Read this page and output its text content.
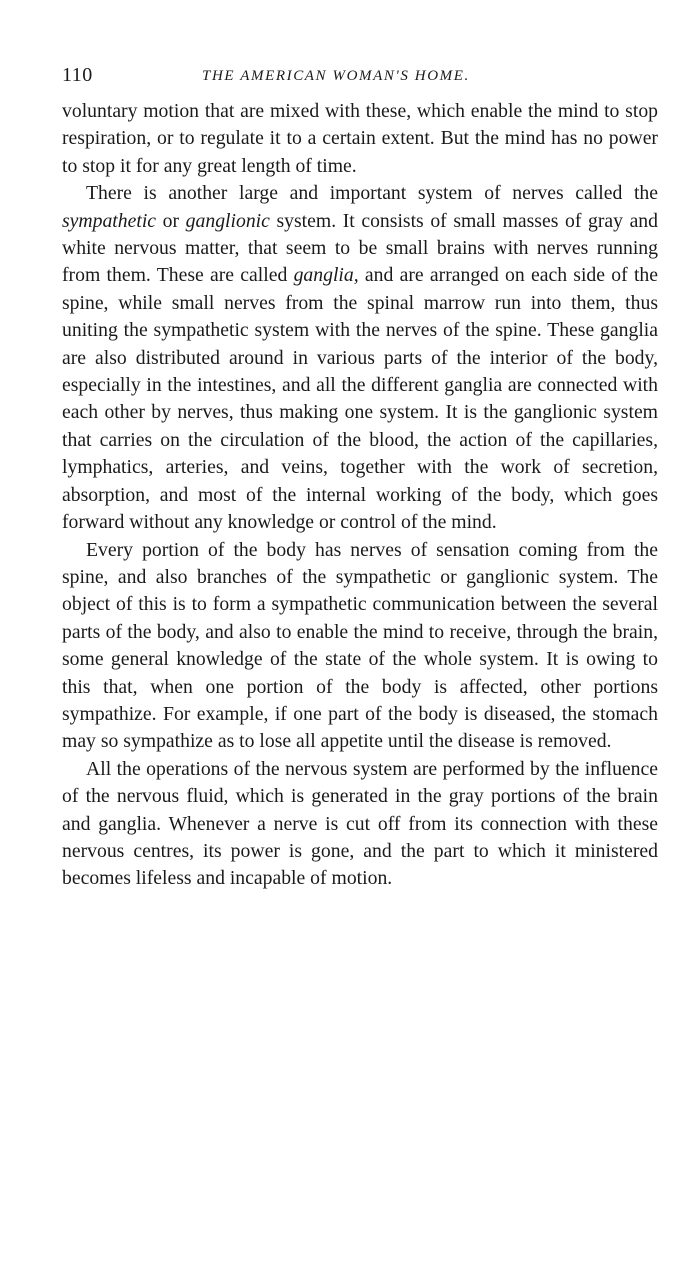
110	THE AMERICAN WOMAN'S HOME.

voluntary motion that are mixed with these, which enable the mind to stop respiration, or to regulate it to a certain extent. But the mind has no power to stop it for any great length of time.

There is another large and important system of nerves called the sympathetic or ganglionic system. It consists of small masses of gray and white nervous matter, that seem to be small brains with nerves running from them. These are called ganglia, and are arranged on each side of the spine, while small nerves from the spinal marrow run into them, thus uniting the sympathetic system with the nerves of the spine. These ganglia are also distributed around in various parts of the interior of the body, especially in the intestines, and all the different ganglia are connected with each other by nerves, thus making one system. It is the ganglionic system that carries on the circulation of the blood, the action of the capillaries, lymphatics, arteries, and veins, together with the work of secretion, absorption, and most of the internal working of the body, which goes forward without any knowledge or control of the mind.

Every portion of the body has nerves of sensation coming from the spine, and also branches of the sympathetic or ganglionic system. The object of this is to form a sympathetic communication between the several parts of the body, and also to enable the mind to receive, through the brain, some general knowledge of the state of the whole system. It is owing to this that, when one portion of the body is affected, other portions sympathize. For example, if one part of the body is diseased, the stomach may so sympathize as to lose all appetite until the disease is removed.

All the operations of the nervous system are performed by the influence of the nervous fluid, which is generated in the gray portions of the brain and ganglia. Whenever a nerve is cut off from its connection with these nervous centres, its power is gone, and the part to which it ministered becomes lifeless and incapable of motion.
